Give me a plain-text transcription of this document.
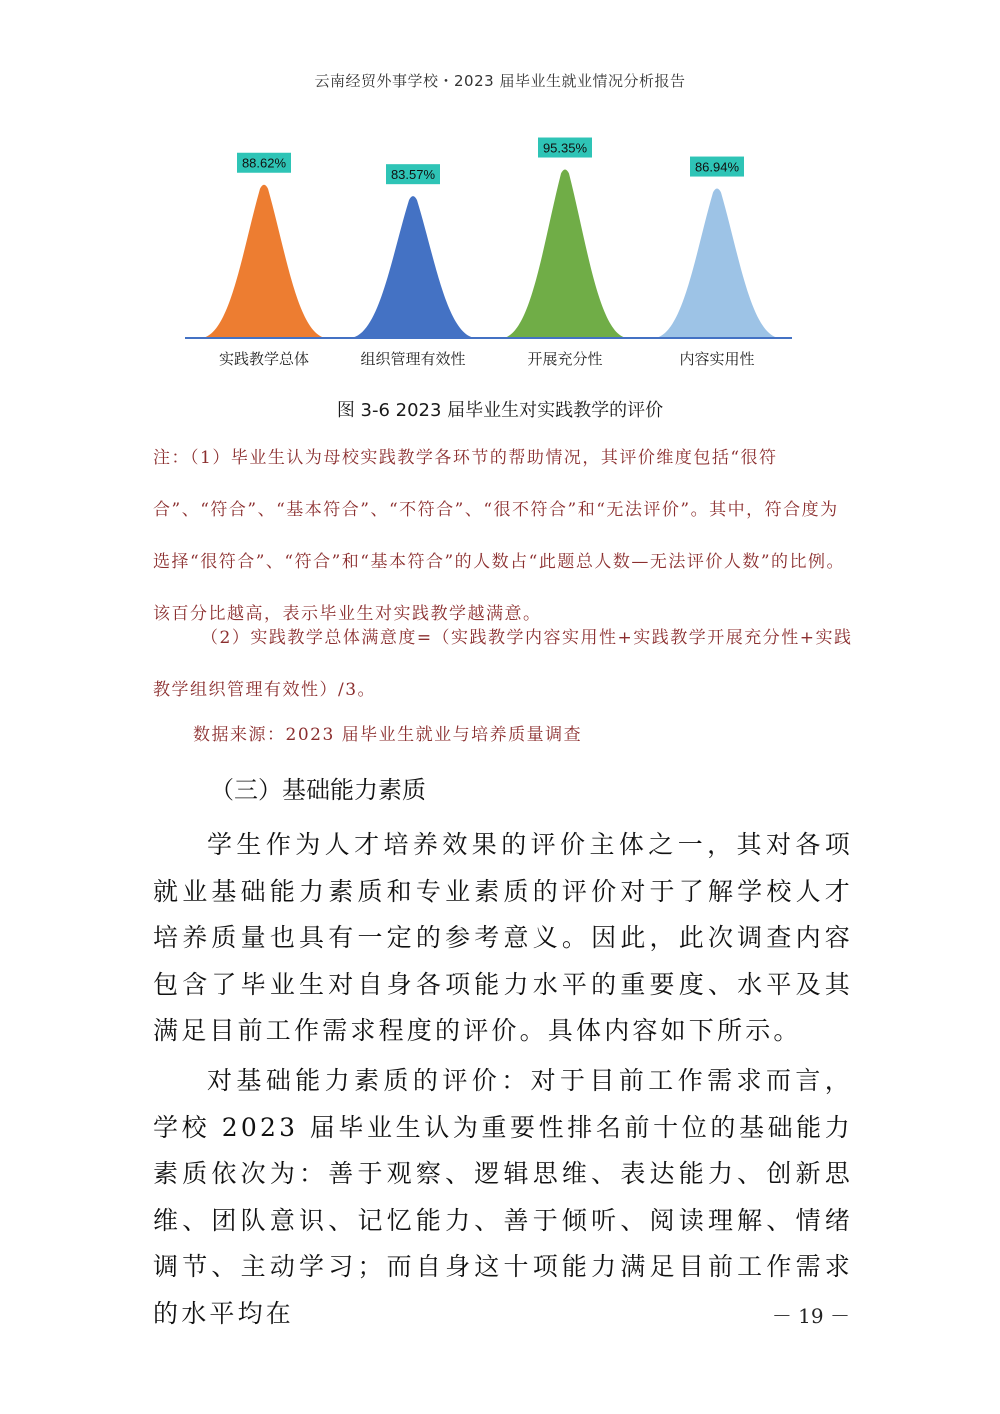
云南经贸外事学校・2023 届毕业生就业情况分析报告
88.62%
实践教学总体
83.57%
组织管理有效性
95.35%
开展充分性
86.94%
内容实用性
图 3-6 2023 届毕业生对实践教学的评价
注：（1）毕业生认为母校实践教学各环节的帮助情况，其评价维度包括“很符合”、“符合”、“基本符合”、“不符合”、“很不符合”和“无法评价”。其中，符合度为选择“很符合”、“符合”和“基本符合”的人数占“此题总人数—无法评价人数”的比例。该百分比越高，表示毕业生对实践教学越满意。
（2）实践教学总体满意度=（实践教学内容实用性+实践教学开展充分性+实践教学组织管理有效性）/3。
数据来源：2023 届毕业生就业与培养质量调查
（三）基础能力素质
学生作为人才培养效果的评价主体之一，其对各项就业基础能力素质和专业素质的评价对于了解学校人才培养质量也具有一定的参考意义。因此，此次调查内容包含了毕业生对自身各项能力水平的重要度、水平及其满足目前工作需求程度的评价。具体内容如下所示。
对基础能力素质的评价：对于目前工作需求而言，学校 2023 届毕业生认为重要性排名前十位的基础能力素质依次为：善于观察、逻辑思维、表达能力、创新思维、团队意识、记忆能力、善于倾听、阅读理解、情绪调节、主动学习；而自身这十项能力满足目前工作需求的水平均在	－ 19 －
